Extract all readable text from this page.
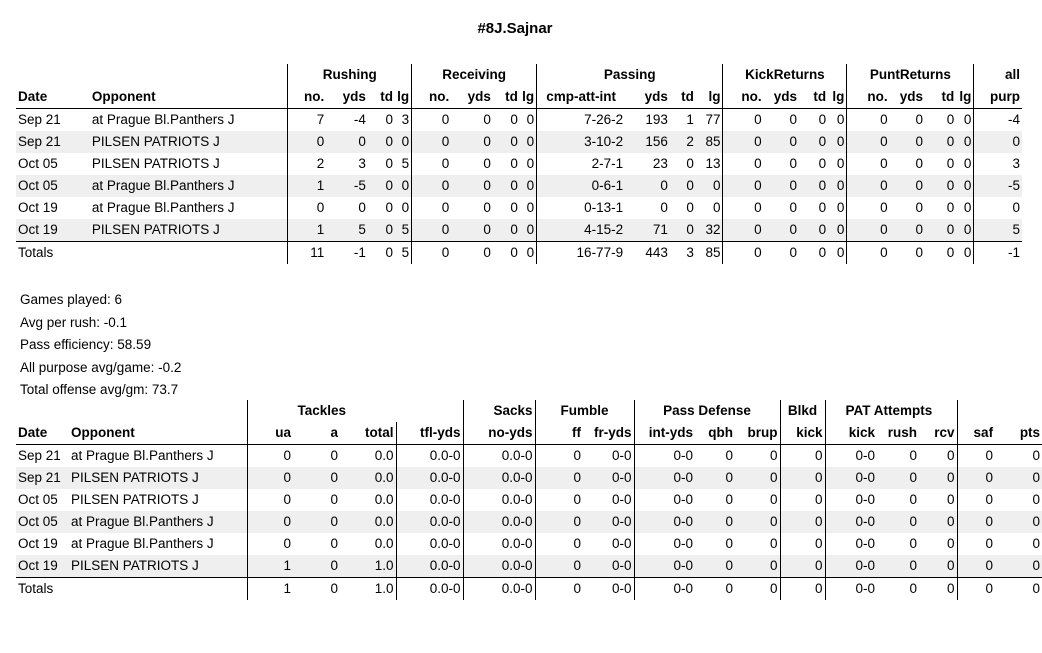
#8J.Sajnar
		Rushing				Receiving				Passing				KickReturns				PuntReturns				all
Date	Opponent	no.	yds	td	lg	no.	yds	td	lg	cmp-att-int	yds	td	lg	no.	yds	td	lg	no.	yds	td	lg	purp
Sep 21	at Prague Bl.Panthers J	7	-4	0	3	0	0	0	0	7-26-2	193	1	77	0	0	0	0	0	0	0	0	-4
Sep 21	PILSEN PATRIOTS J	0	0	0	0	0	0	0	0	3-10-2	156	2	85	0	0	0	0	0	0	0	0	0
Oct 05	PILSEN PATRIOTS J	2	3	0	5	0	0	0	0	2-7-1	23	0	13	0	0	0	0	0	0	0	0	3
Oct 05	at Prague Bl.Panthers J	1	-5	0	0	0	0	0	0	0-6-1	0	0	0	0	0	0	0	0	0	0	0	-5
Oct 19	at Prague Bl.Panthers J	0	0	0	0	0	0	0	0	0-13-1	0	0	0	0	0	0	0	0	0	0	0	0
Oct 19	PILSEN PATRIOTS J	1	5	0	5	0	0	0	0	4-15-2	71	0	32	0	0	0	0	0	0	0	0	5
Totals		11	-1	0	5	0	0	0	0	16-77-9	443	3	85	0	0	0	0	0	0	0	0	-1
Games played: 6
Avg per rush: -0.1
Pass efficiency: 58.59
All purpose avg/game: -0.2
Total offense avg/gm: 73.7
		Tackles				Sacks	Fumble		Pass Defense			Blkd	PAT Attempts				
Date	Opponent	ua	a	total	tfl-yds	no-yds	ff	fr-yds	int-yds	qbh	brup	kick	kick	rush	rcv	saf	pts
Sep 21	at Prague Bl.Panthers J	0	0	0.0	0.0-0	0.0-0	0	0-0	0-0	0	0	0	0-0	0	0	0	0
Sep 21	PILSEN PATRIOTS J	0	0	0.0	0.0-0	0.0-0	0	0-0	0-0	0	0	0	0-0	0	0	0	0
Oct 05	PILSEN PATRIOTS J	0	0	0.0	0.0-0	0.0-0	0	0-0	0-0	0	0	0	0-0	0	0	0	0
Oct 05	at Prague Bl.Panthers J	0	0	0.0	0.0-0	0.0-0	0	0-0	0-0	0	0	0	0-0	0	0	0	0
Oct 19	at Prague Bl.Panthers J	0	0	0.0	0.0-0	0.0-0	0	0-0	0-0	0	0	0	0-0	0	0	0	0
Oct 19	PILSEN PATRIOTS J	1	0	1.0	0.0-0	0.0-0	0	0-0	0-0	0	0	0	0-0	0	0	0	0
Totals		1	0	1.0	0.0-0	0.0-0	0	0-0	0-0	0	0	0	0-0	0	0	0	0
